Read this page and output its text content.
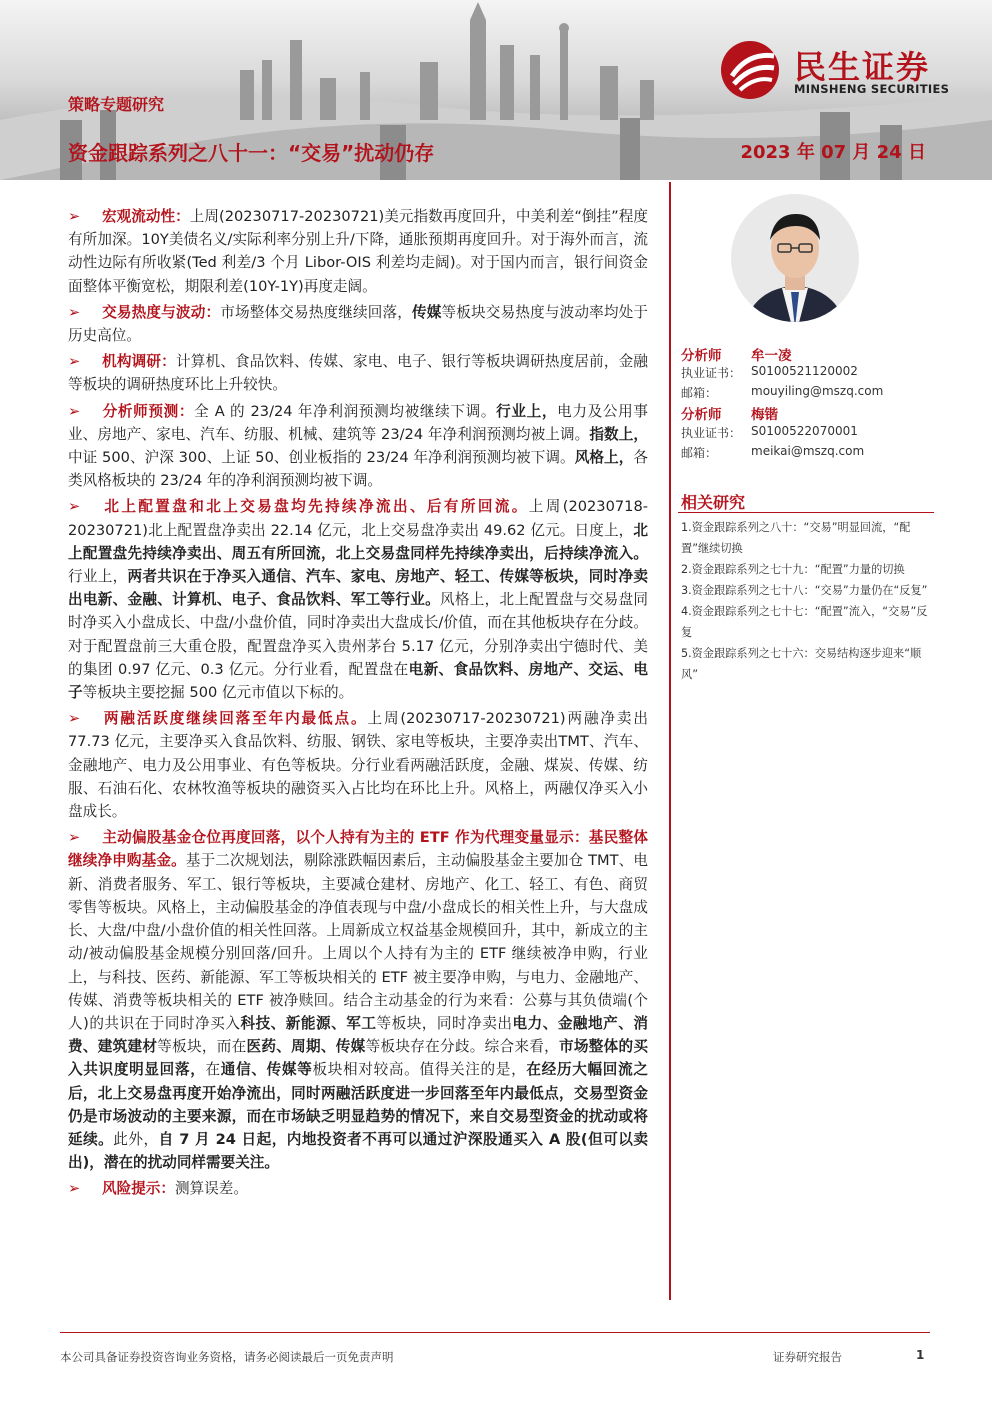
策略专题研究
资金跟踪系列之八十一：“交易”扰动仍存	2023 年 07 月 24 日
民生证券
MINSHENG SECURITIES
➢ 宏观流动性：上周(20230717-20230721)美元指数再度回升，中美利差“倒挂”程度有所加深。10Y美债名义/实际利率分别上升/下降，通胀预期再度回升。对于海外而言，流动性边际有所收紧(Ted 利差/3 个月 Libor-OIS 利差均走阔)。对于国内而言，银行间资金面整体平衡宽松，期限利差(10Y-1Y)再度走阔。
➢ 交易热度与波动：市场整体交易热度继续回落，传媒等板块交易热度与波动率均处于历史高位。
➢ 机构调研：计算机、食品饮料、传媒、家电、电子、银行等板块调研热度居前，金融等板块的调研热度环比上升较快。
➢ 分析师预测：全 A 的 23/24 年净利润预测均被继续下调。行业上，电力及公用事业、房地产、家电、汽车、纺服、机械、建筑等 23/24 年净利润预测均被上调。指数上，中证 500、沪深 300、上证 50、创业板指的 23/24 年净利润预测均被下调。风格上，各类风格板块的 23/24 年的净利润预测均被下调。
➢ 北上配置盘和北上交易盘均先持续净流出、后有所回流。上周(20230718-20230721)北上配置盘净卖出 22.14 亿元，北上交易盘净卖出 49.62 亿元。日度上，北上配置盘先持续净卖出、周五有所回流，北上交易盘同样先持续净卖出，后持续净流入。行业上，两者共识在于净买入通信、汽车、家电、房地产、轻工、传媒等板块，同时净卖出电新、金融、计算机、电子、食品饮料、军工等行业。风格上，北上配置盘与交易盘同时净买入小盘成长、中盘/小盘价值，同时净卖出大盘成长/价值，而在其他板块存在分歧。对于配置盘前三大重仓股，配置盘净买入贵州茅台 5.17 亿元，分别净卖出宁德时代、美的集团 0.97 亿元、0.3 亿元。分行业看，配置盘在电新、食品饮料、房地产、交运、电子等板块主要挖掘 500 亿元市值以下标的。
➢ 两融活跃度继续回落至年内最低点。上周(20230717-20230721)两融净卖出 77.73 亿元，主要净买入食品饮料、纺服、钢铁、家电等板块，主要净卖出TMT、汽车、金融地产、电力及公用事业、有色等板块。分行业看两融活跃度，金融、煤炭、传媒、纺服、石油石化、农林牧渔等板块的融资买入占比均在环比上升。风格上，两融仅净买入小盘成长。
➢ 主动偏股基金仓位再度回落，以个人持有为主的 ETF 作为代理变量显示：基民整体继续净申购基金。基于二次规划法，剔除涨跌幅因素后，主动偏股基金主要加仓 TMT、电新、消费者服务、军工、银行等板块，主要减仓建材、房地产、化工、轻工、有色、商贸零售等板块。风格上，主动偏股基金的净值表现与中盘/小盘成长的相关性上升，与大盘成长、大盘/中盘/小盘价值的相关性回落。上周新成立权益基金规模回升，其中，新成立的主动/被动偏股基金规模分别回落/回升。上周以个人持有为主的 ETF 继续被净申购，行业上，与科技、医药、新能源、军工等板块相关的 ETF 被主要净申购，与电力、金融地产、传媒、消费等板块相关的 ETF 被净赎回。结合主动基金的行为来看：公募与其负债端(个人)的共识在于同时净买入科技、新能源、军工等板块，同时净卖出电力、金融地产、消费、建筑建材等板块，而在医药、周期、传媒等板块存在分歧。综合来看，市场整体的买入共识度明显回落，在通信、传媒等板块相对较高。值得关注的是，在经历大幅回流之后，北上交易盘再度开始净流出，同时两融活跃度进一步回落至年内最低点，交易型资金仍是市场波动的主要来源，而在市场缺乏明显趋势的情况下，来自交易型资金的扰动或将延续。此外，自 7 月 24 日起，内地投资者不再可以通过沪深股通买入 A 股(但可以卖出)，潜在的扰动同样需要关注。
➢ 风险提示：测算误差。
分析师 牟一凌
执业证书： S0100521120002
邮箱：	mouyiling@mszq.com
分析师 梅锴
执业证书： S0100522070001
邮箱：	meikai@mszq.com
相关研究
1.资金跟踪系列之八十：“交易”明显回流，“配置”继续切换
2.资金跟踪系列之七十九：“配置”力量的切换
3.资金跟踪系列之七十八：“交易”力量仍在“反复”
4.资金跟踪系列之七十七：“配置”流入，“交易”反复
5.资金跟踪系列之七十六：交易结构逐步迎来“顺风”
本公司具备证券投资咨询业务资格，请务必阅读最后一页免责声明	证券研究报告	1
